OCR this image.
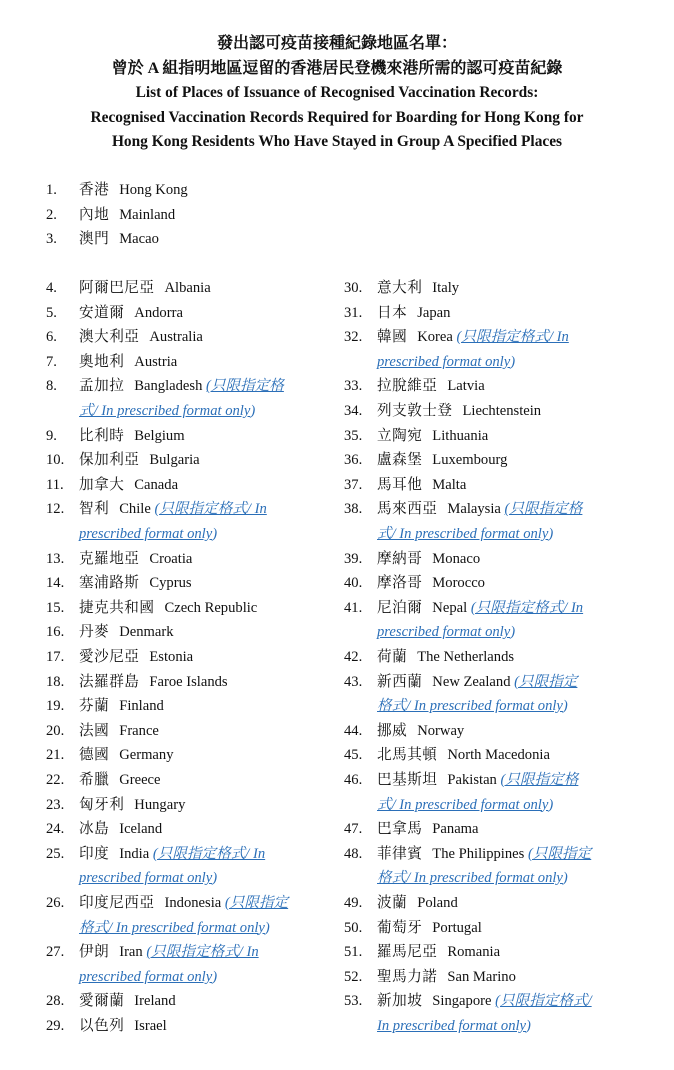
發出認可疫苗接種紀錄地區名單：
曾於 A 組指明地區逗留的香港居民登機來港所需的認可疫苗紀錄
List of Places of Issuance of Recognised Vaccination Records:
Recognised Vaccination Records Required for Boarding for Hong Kong for
Hong Kong Residents Who Have Stayed in Group A Specified Places
1. 香港 Hong Kong
2. 內地 Mainland
3. 澳門 Macao
4. 阿爾巴尼亞 Albania
5. 安道爾 Andorra
6. 澳大利亞 Australia
7. 奧地利 Austria
8. 孟加拉 Bangladesh (只限指定格
式/ In prescribed format only)
9. 比利時 Belgium
10. 保加利亞 Bulgaria
11. 加拿大 Canada
12. 智利 Chile (只限指定格式/ In
prescribed format only)
13. 克羅地亞 Croatia
14. 塞浦路斯 Cyprus
15. 捷克共和國 Czech Republic
16. 丹麥 Denmark
17. 愛沙尼亞 Estonia
18. 法羅群島 Faroe Islands
19. 芬蘭 Finland
20. 法國 France
21. 德國 Germany
22. 希臘 Greece
23. 匈牙利 Hungary
24. 冰島 Iceland
25. 印度 India (只限指定格式/ In
prescribed format only)
26. 印度尼西亞 Indonesia (只限指定
格式/ In prescribed format only)
27. 伊朗 Iran (只限指定格式/ In
prescribed format only)
28. 愛爾蘭 Ireland
29. 以色列 Israel
30. 意大利 Italy
31. 日本 Japan
32. 韓國 Korea (只限指定格式/ In
prescribed format only)
33. 拉脫維亞 Latvia
34. 列支敦士登 Liechtenstein
35. 立陶宛 Lithuania
36. 盧森堡 Luxembourg
37. 馬耳他 Malta
38. 馬來西亞 Malaysia (只限指定格
式/ In prescribed format only)
39. 摩納哥 Monaco
40. 摩洛哥 Morocco
41. 尼泊爾 Nepal (只限指定格式/ In
prescribed format only)
42. 荷蘭 The Netherlands
43. 新西蘭 New Zealand (只限指定
格式/ In prescribed format only)
44. 挪威 Norway
45. 北馬其頓 North Macedonia
46. 巴基斯坦 Pakistan (只限指定格
式/ In prescribed format only)
47. 巴拿馬 Panama
48. 菲律賓 The Philippines (只限指定
格式/ In prescribed format only)
49. 波蘭 Poland
50. 葡萄牙 Portugal
51. 羅馬尼亞 Romania
52. 聖馬力諾 San Marino
53. 新加坡 Singapore (只限指定格式/
In prescribed format only)
